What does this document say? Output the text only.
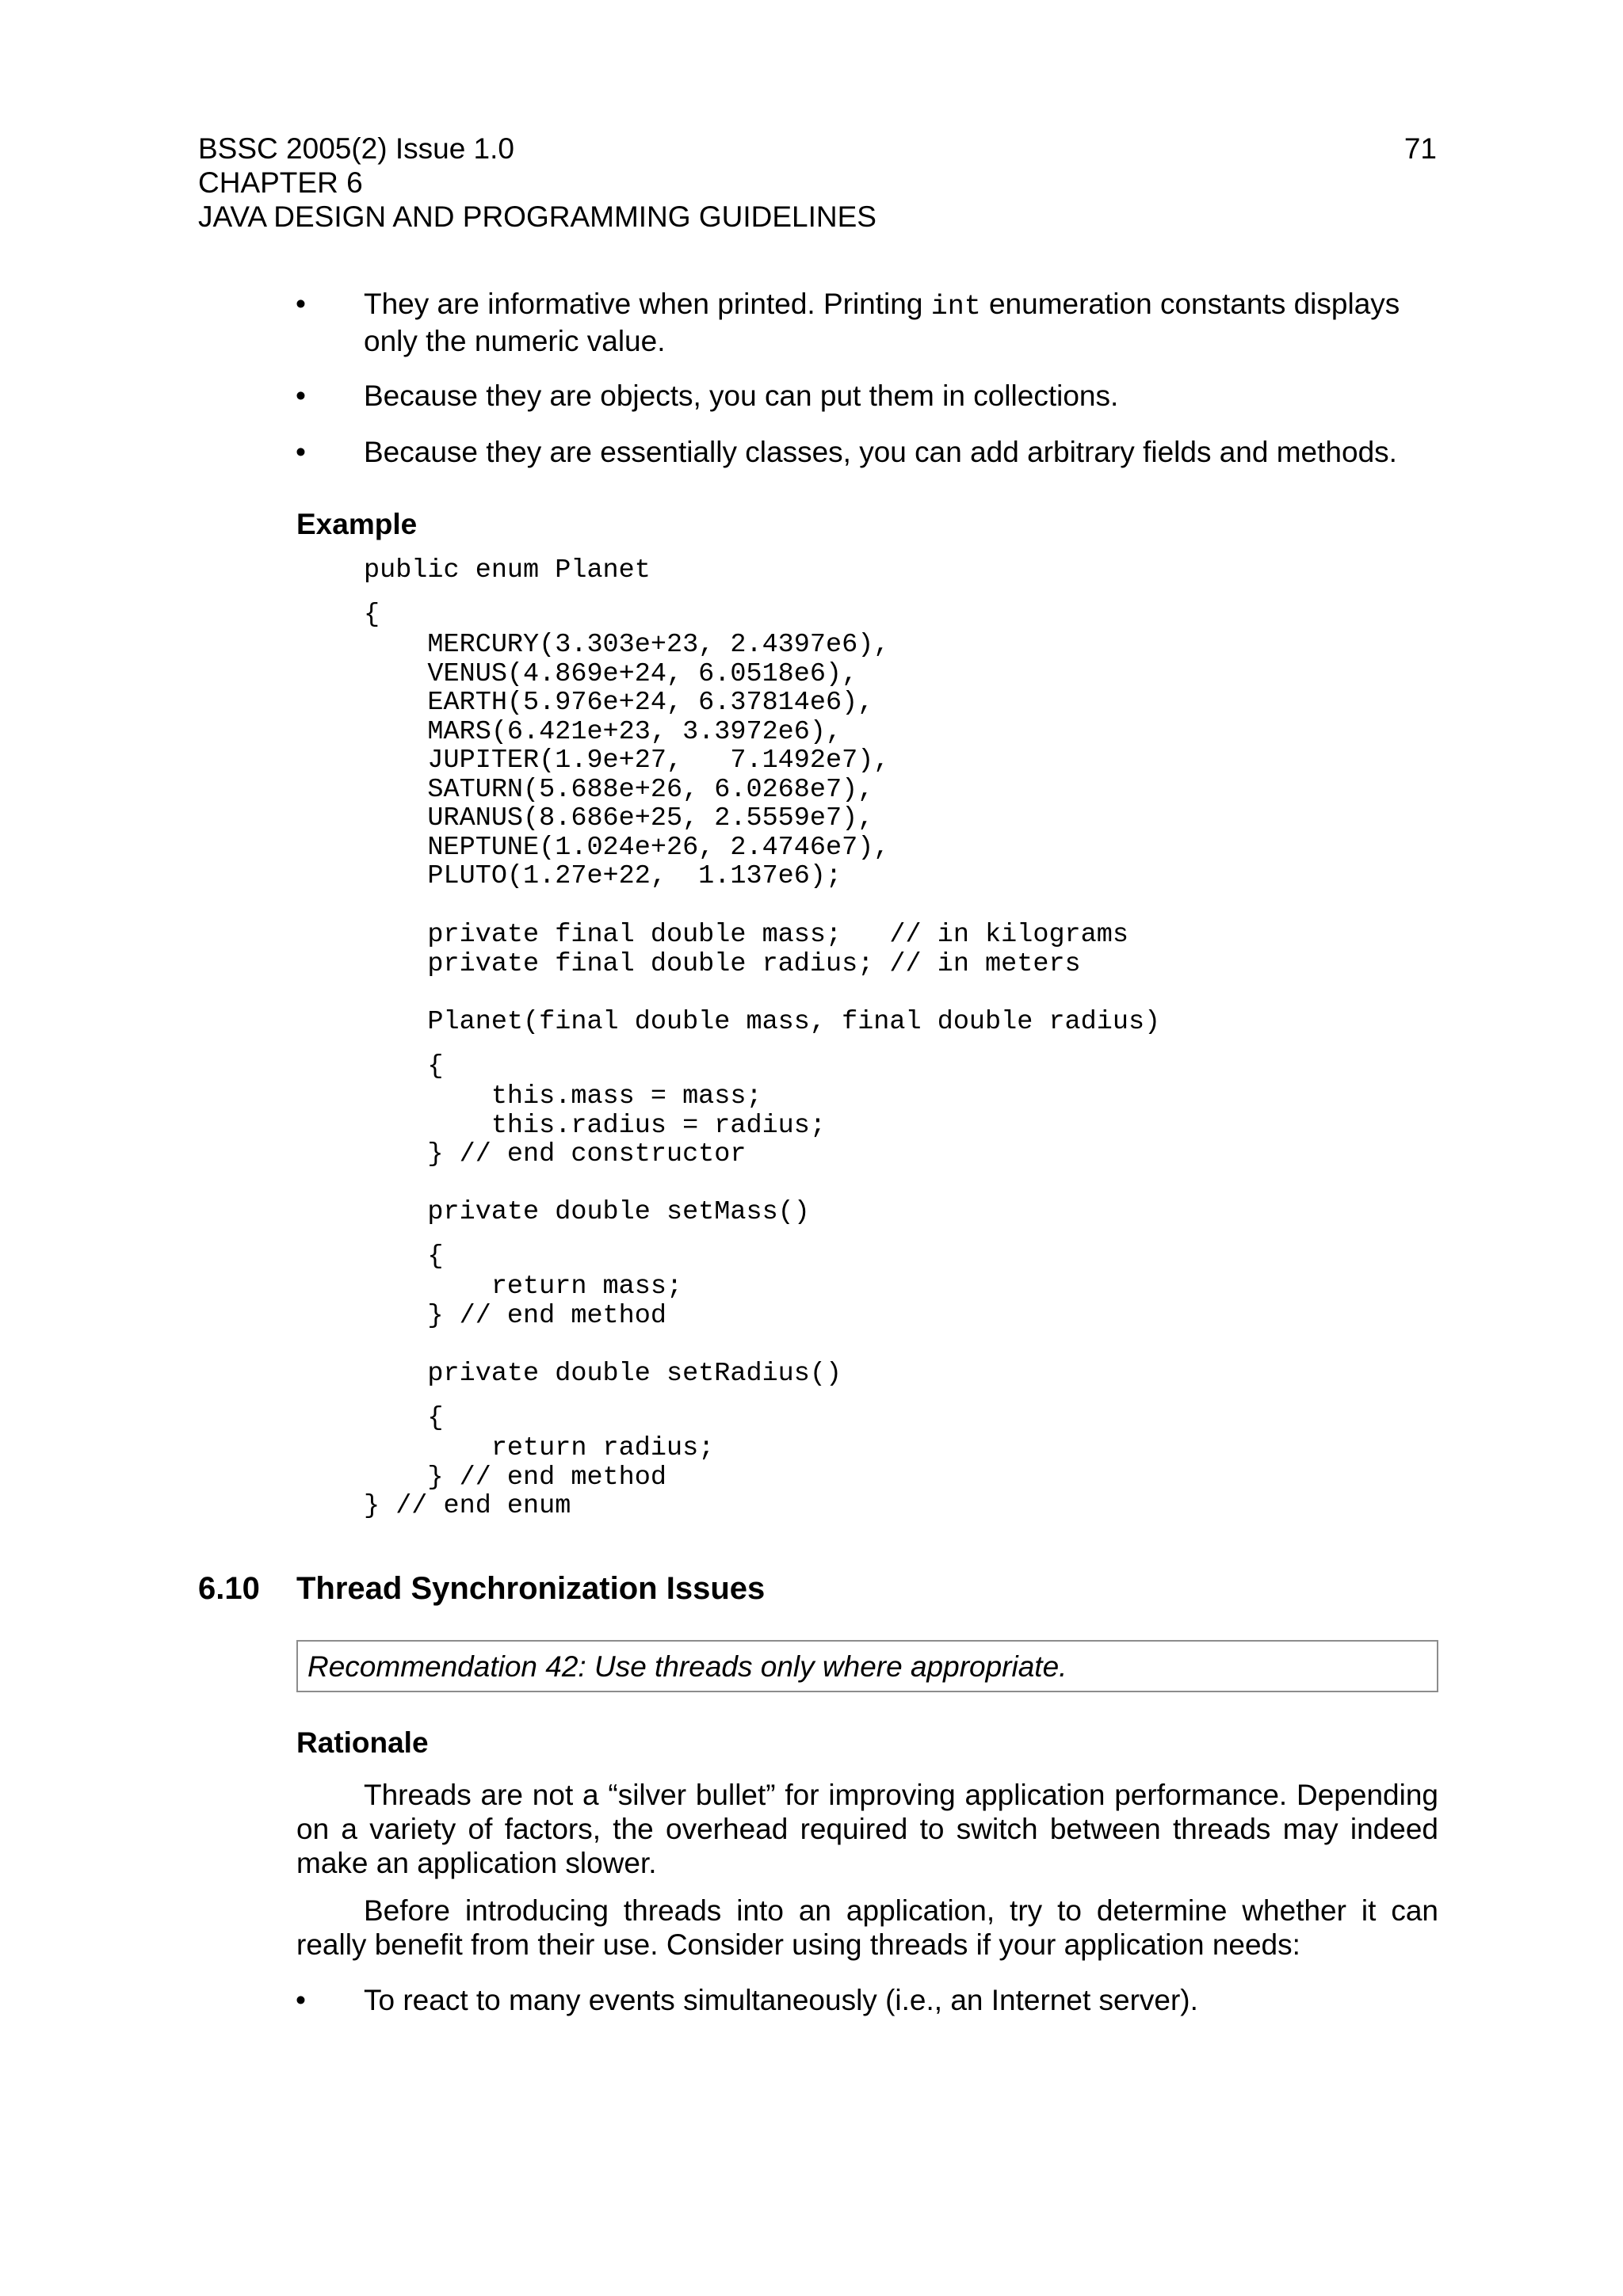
BSSC 2005(2) Issue 1.0
CHAPTER 6
JAVA DESIGN AND PROGRAMMING GUIDELINES
71
• They are informative when printed. Printing int enumeration constants displays
only the numeric value.
• Because they are objects, you can put them in collections.
• Because they are essentially classes, you can add arbitrary fields and methods.
Example
public enum Planet
{
MERCURY(3.303e+23, 2.4397e6),
VENUS(4.869e+24, 6.0518e6),
EARTH(5.976e+24, 6.37814e6),
MARS(6.421e+23, 3.3972e6),
JUPITER(1.9e+27,   7.1492e7),
SATURN(5.688e+26, 6.0268e7),
URANUS(8.686e+25, 2.5559e7),
NEPTUNE(1.024e+26, 2.4746e7),
PLUTO(1.27e+22,  1.137e6);
private final double mass;   // in kilograms
private final double radius; // in meters
Planet(final double mass, final double radius)
{
this.mass = mass;
this.radius = radius;
} // end constructor
private double setMass()
{
return mass;
} // end method
private double setRadius()
{
return radius;
} // end method
} // end enum
6.10 Thread Synchronization Issues
Recommendation 42: Use threads only where appropriate.
Rationale
Threads are not a “silver bullet” for improving application performance. Depending on a variety of factors, the overhead required to switch between threads may indeed make an application slower.
Before introducing threads into an application, try to determine whether it can really benefit from their use. Consider using threads if your application needs:
• To react to many events simultaneously (i.e., an Internet server).
